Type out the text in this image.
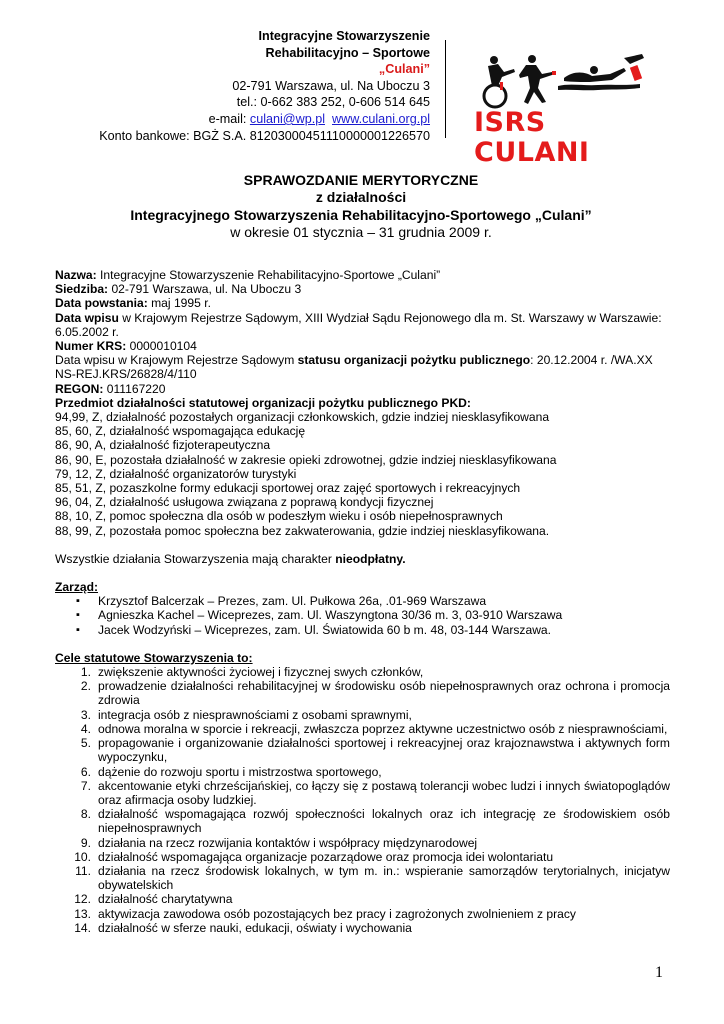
Integracyjne Stowarzyszenie
Rehabilitacyjno – Sportowe
„Culani”
02-791 Warszawa, ul. Na Uboczu 3
tel.: 0-662 383 252, 0-606 514 645
e-mail: culani@wp.pl www.culani.org.pl
Konto bankowe: BGŻ S.A. 81203000451110000001226570 ISRS CULANI
SPRAWOZDANIE MERYTORYCZNE
z działalności
Integracyjnego Stowarzyszenia Rehabilitacyjno-Sportowego „Culani”
w okresie 01 stycznia – 31 grudnia 2009 r.

Nazwa: Integracyjne Stowarzyszenie Rehabilitacyjno-Sportowe „Culani”

Siedziba: 02-791 Warszawa, ul. Na Uboczu 3

Data powstania: maj 1995 r.

Data wpisu w Krajowym Rejestrze Sądowym, XIII Wydział Sądu Rejonowego dla m. St. Warszawy w Warszawie: 6.05.2002 r.

Numer KRS: 0000010104

Data wpisu w Krajowym Rejestrze Sądowym statusu organizacji pożytku publicznego: 20.12.2004 r. /WA.XX NS-REJ.KRS/26828/4/110

REGON: 011167220

Przedmiot działalności statutowej organizacji pożytku publicznego PKD:

94,99, Z, działalność pozostałych organizacji członkowskich, gdzie indziej niesklasyfikowana

85, 60, Z, działalność wspomagająca edukację

86, 90, A, działalność fizjoterapeutyczna

86, 90, E, pozostała działalność w zakresie opieki zdrowotnej, gdzie indziej niesklasyfikowana

79, 12, Z, działalność organizatorów turystyki

85, 51, Z, pozaszkolne formy edukacji sportowej oraz zajęć sportowych i rekreacyjnych

96, 04, Z, działalność usługowa związana z poprawą kondycji fizycznej

88, 10, Z, pomoc społeczna dla osób w podeszłym wieku i osób niepełnosprawnych

88, 99, Z, pozostała pomoc społeczna bez zakwaterowania, gdzie indziej niesklasyfikowana.

Wszystkie działania Stowarzyszenia mają charakter nieodpłatny.

Zarząd:

▪ Krzysztof Balcerzak – Prezes, zam. Ul. Pułkowa 26a, .01-969 Warszawa
▪ Agnieszka Kachel – Wiceprezes, zam. Ul. Waszyngtona 30/36 m. 3, 03-910 Warszawa
▪ Jacek Wodzyński – Wiceprezes, zam. Ul. Światowida 60 b m. 48, 03-144 Warszawa.

Cele statutowe Stowarzyszenia to:

1. zwiększenie aktywności życiowej i fizycznej swych członków,
2. prowadzenie działalności rehabilitacyjnej w środowisku osób niepełnosprawnych oraz ochrona i promocja zdrowia
3. integracja osób z niesprawnościami z osobami sprawnymi,
4. odnowa moralna w sporcie i rekreacji, zwłaszcza poprzez aktywne uczestnictwo osób z niesprawnościami,
5. propagowanie i organizowanie działalności sportowej i rekreacyjnej oraz krajoznawstwa i aktywnych form wypoczynku,
6. dążenie do rozwoju sportu i mistrzostwa sportowego,
7. akcentowanie etyki chrześcijańskiej, co łączy się z postawą tolerancji wobec ludzi i innych światopoglądów oraz afirmacja osoby ludzkiej.
8. działalność wspomagająca rozwój społeczności lokalnych oraz ich integrację ze środowiskiem osób niepełnosprawnych
9. działania na rzecz rozwijania kontaktów i współpracy międzynarodowej
10. działalność wspomagająca organizacje pozarządowe oraz promocja idei wolontariatu
11. działania na rzecz środowisk lokalnych, w tym m. in.: wspieranie samorządów terytorialnych, inicjatyw obywatelskich
12. działalność charytatywna
13. aktywizacja zawodowa osób pozostających bez pracy i zagrożonych zwolnieniem z pracy
14. działalność w sferze nauki, edukacji, oświaty i wychowania
1
